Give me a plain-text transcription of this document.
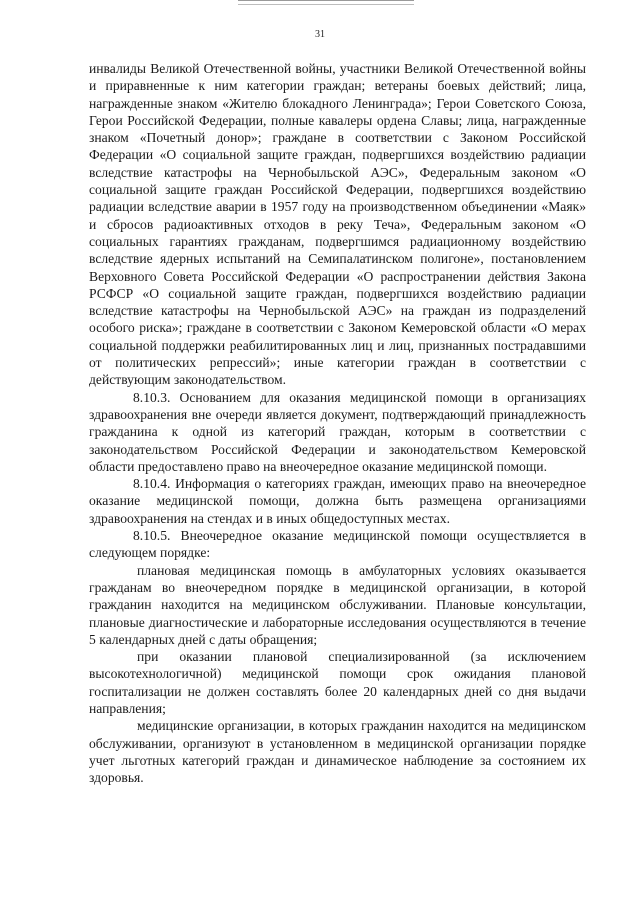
31

инвалиды Великой Отечественной войны, участники Великой Отечественной войны и приравненные к ним категории граждан; ветераны боевых действий; лица, награжденные знаком «Жителю блокадного Ленинграда»; Герои Советского Союза, Герои Российской Федерации, полные кавалеры ордена Славы; лица, награжденные знаком «Почетный донор»; граждане в соответствии с Законом Российской Федерации «О социальной защите граждан, подвергшихся воздействию радиации вследствие катастрофы на Чернобыльской АЭС», Федеральным законом «О социальной защите граждан Российской Федерации, подвергшихся воздействию радиации вследствие аварии в 1957 году на производственном объединении «Маяк» и сбросов радиоактивных отходов в реку Теча», Федеральным законом «О социальных гарантиях гражданам, подвергшимся радиационному воздействию вследствие ядерных испытаний на Семипалатинском полигоне», постановлением Верховного Совета Российской Федерации «О распространении действия Закона РСФСР «О социальной защите граждан, подвергшихся воздействию радиации вследствие катастрофы на Чернобыльской АЭС» на граждан из подразделений особого риска»; граждане в соответствии с Законом Кемеровской области «О мерах социальной поддержки реабилитированных лиц и лиц, признанных пострадавшими от политических репрессий»; иные категории граждан в соответствии с действующим законодательством.

8.10.3. Основанием для оказания медицинской помощи в организациях здравоохранения вне очереди является документ, подтверждающий принадлежность гражданина к одной из категорий граждан, которым в соответствии с законодательством Российской Федерации и законодательством Кемеровской области предоставлено право на внеочередное оказание медицинской помощи.

8.10.4. Информация о категориях граждан, имеющих право на внеочередное оказание медицинской помощи, должна быть размещена организациями здравоохранения на стендах и в иных общедоступных местах.

8.10.5. Внеочередное оказание медицинской помощи осуществляется в следующем порядке:

плановая медицинская помощь в амбулаторных условиях оказывается гражданам во внеочередном порядке в медицинской организации, в которой гражданин находится на медицинском обслуживании. Плановые консультации, плановые диагностические и лабораторные исследования осуществляются в течение 5 календарных дней с даты обращения;

при оказании плановой специализированной (за исключением высокотехнологичной) медицинской помощи срок ожидания плановой госпитализации не должен составлять более 20 календарных дней со дня выдачи направления;

медицинские организации, в которых гражданин находится на медицинском обслуживании, организуют в установленном в медицинской организации порядке учет льготных категорий граждан и динамическое наблюдение за состоянием их здоровья.
